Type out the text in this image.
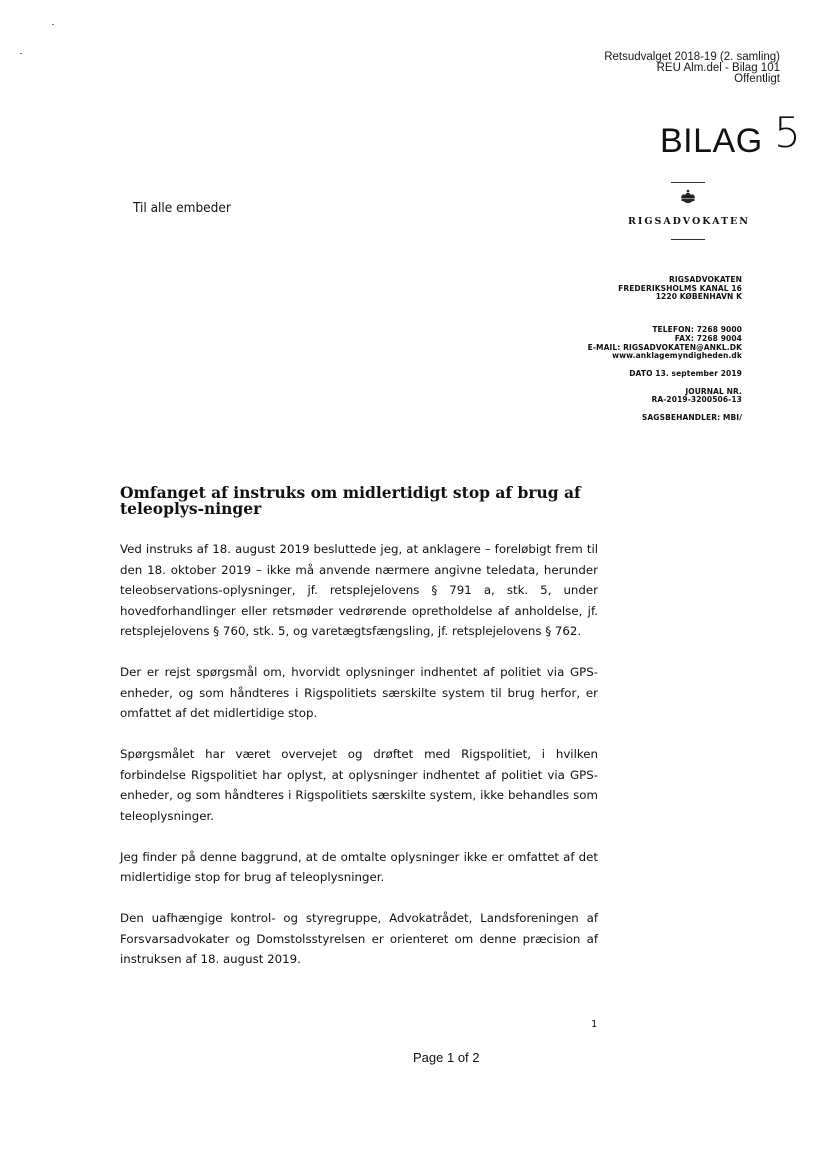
Retsudvalget 2018-19 (2. samling)
REU Alm.del - Bilag 101
Offentligt
BILAG 5
Til alle embeder
RIGSADVOKATEN
RIGSADVOKATEN
FREDERIKSHOLMS KANAL 16
1220 KØBENHAVN K
TELEFON: 7268 9000
FAX: 7268 9004
E-MAIL: RIGSADVOKATEN@ANKL.DK
www.anklagemyndigheden.dk
DATO 13. september 2019
JOURNAL NR.
RA-2019-3200506-13
SAGSBEHANDLER: MBI/
Omfanget af instruks om midlertidigt stop af brug af teleoplys-ninger

Ved instruks af 18. august 2019 besluttede jeg, at anklagere – foreløbigt frem til den 18. oktober 2019 – ikke må anvende nærmere angivne teledata, herunder teleobservations-oplysninger, jf. retsplejelovens § 791 a, stk. 5, under hovedforhandlinger eller retsmøder vedrørende opretholdelse af anholdelse, jf. retsplejelovens § 760, stk. 5, og varetægtsfængsling, jf. retsplejelovens § 762.

Der er rejst spørgsmål om, hvorvidt oplysninger indhentet af politiet via GPS-enheder, og som håndteres i Rigspolitiets særskilte system til brug herfor, er omfattet af det midlertidige stop.

Spørgsmålet har været overvejet og drøftet med Rigspolitiet, i hvilken forbindelse Rigspolitiet har oplyst, at oplysninger indhentet af politiet via GPS-enheder, og som håndteres i Rigspolitiets særskilte system, ikke behandles som teleoplysninger.

Jeg finder på denne baggrund, at de omtalte oplysninger ikke er omfattet af det midlertidige stop for brug af teleoplysninger.

Den uafhængige kontrol- og styregruppe, Advokatrådet, Landsforeningen af Forsvarsadvokater og Domstolsstyrelsen er orienteret om denne præcision af instruksen af 18. august 2019.

1
Page 1 of 2
